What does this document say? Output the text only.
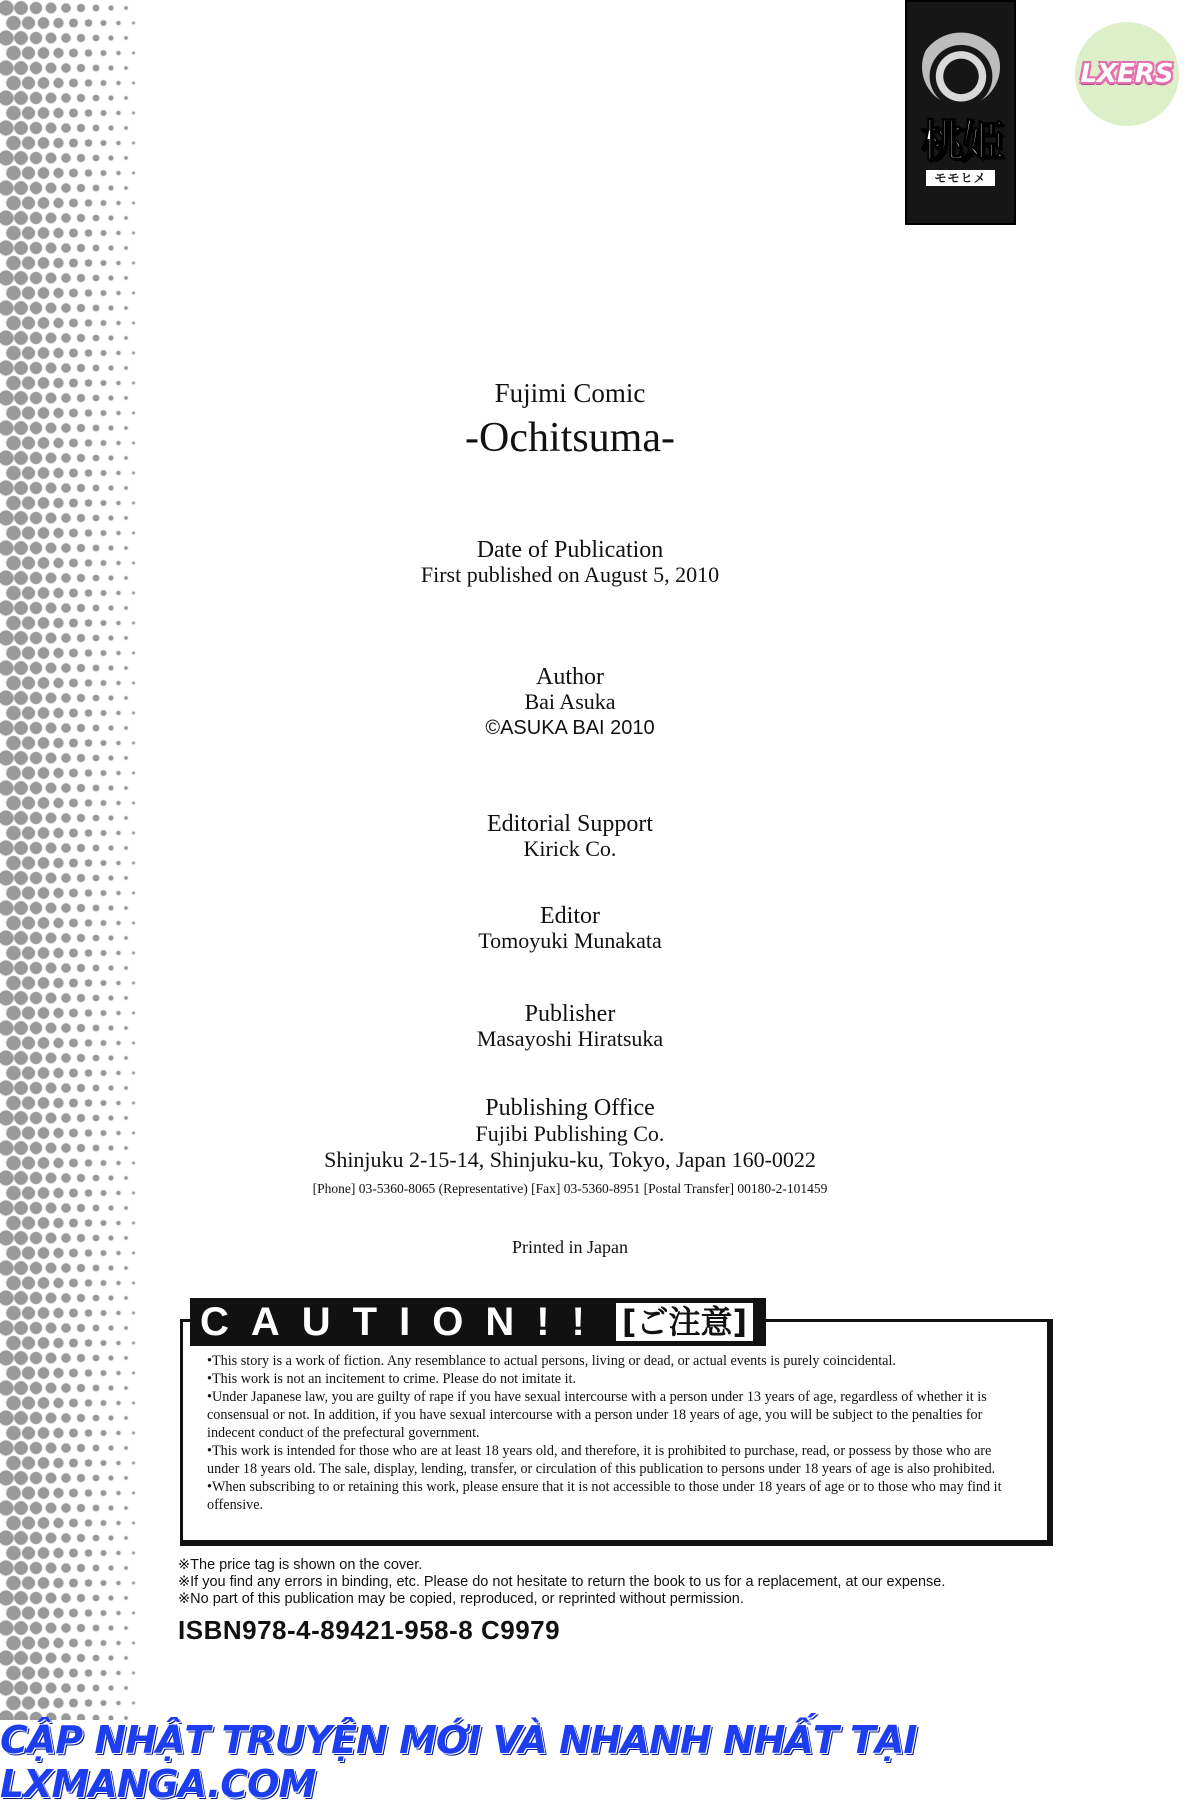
桃姫
モモヒメ
LXERS
Fujimi Comic
-Ochitsuma-
Date of Publication
First published on August 5, 2010
Author
Bai Asuka
©ASUKA BAI 2010
Editorial Support
Kirick Co.
Editor
Tomoyuki Munakata
Publisher
Masayoshi Hiratsuka
Publishing Office
Fujibi Publishing Co.
Shinjuku 2-15-14, Shinjuku-ku, Tokyo, Japan 160-0022
[Phone] 03-5360-8065 (Representative) [Fax] 03-5360-8951 [Postal Transfer] 00180-2-101459
Printed in Japan

•This story is a work of fiction. Any resemblance to actual persons, living or dead, or actual events is purely coincidental.

•This work is not an incitement to crime. Please do not imitate it.

•Under Japanese law, you are guilty of rape if you have sexual intercourse with a person under 13 years of age, regardless of whether it is consensual or not. In addition, if you have sexual intercourse with a person under 18 years of age, you will be subject to the penalties for indecent conduct of the prefectural government.

•This work is intended for those who are at least 18 years old, and therefore, it is prohibited to purchase, read, or possess by those who are under 18 years old. The sale, display, lending, transfer, or circulation of this publication to persons under 18 years of age is also prohibited.

•When subscribing to or retaining this work, please ensure that it is not accessible to those under 18 years of age or to those who may find it offensive.

CAUTION!! [ご注意]

※The price tag is shown on the cover.

※If you find any errors in binding, etc. Please do not hesitate to return the book to us for a replacement, at our expense.

※No part of this publication may be copied, reproduced, or reprinted without permission.

ISBN978-4-89421-958-8 C9979
CẬP NHẬT TRUYỆN MỚI VÀ NHANH NHẤT TẠI LXMANGA.COM
